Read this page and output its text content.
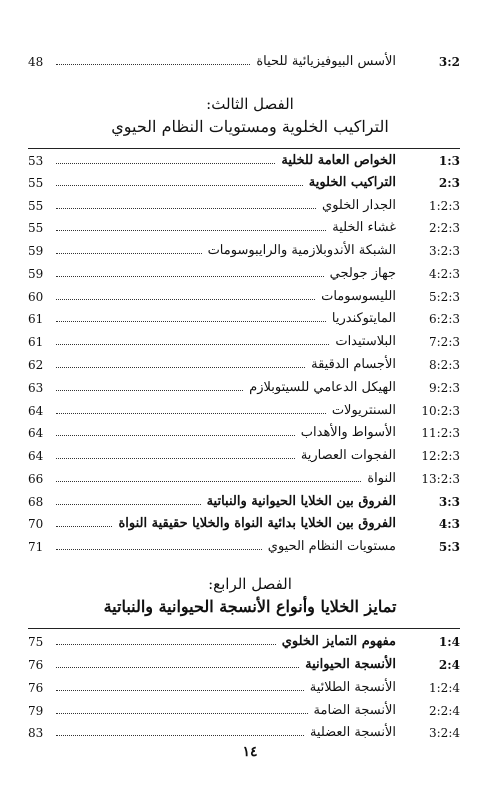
3:2
الأسس البيوفيزيائية للحياة
48
الفصل الثالث:
التراكيب الخلوية ومستويات النظام الحيوي
1:3
الخواص العامة للخلية
53
2:3
التراكيب الخلوية
55
1:2:3
الجدار الخلوي
55
2:2:3
غشاء الخلية
55
3:2:3
الشبكة الأندوبلازمية والرايبوسومات
59
4:2:3
جهاز جولجي
59
5:2:3
الليسوسومات
60
6:2:3
المايتوكندريا
61
7:2:3
البلاستيدات
61
8:2:3
الأجسام الدقيقة
62
9:2:3
الهيكل الدعامي للسيتوبلازم
63
10:2:3
السنتريولات
64
11:2:3
الأسواط والأهداب
64
12:2:3
الفجوات العصارية
64
13:2:3
النواة
66
3:3
الفروق بين الخلايا الحيوانية والنباتية
68
4:3
الفروق بين الخلايا بدائية النواة والخلايا حقيقية النواة
70
5:3
مستويات النظام الحيوي
71
الفصل الرابع:
تمايز الخلايا وأنواع الأنسجة الحيوانية والنباتية
1:4
مفهوم التمايز الخلوي
75
2:4
الأنسجة الحيوانية
76
1:2:4
الأنسجة الطلائية
76
2:2:4
الأنسجة الضامة
79
3:2:4
الأنسجة العضلية
83
١٤
